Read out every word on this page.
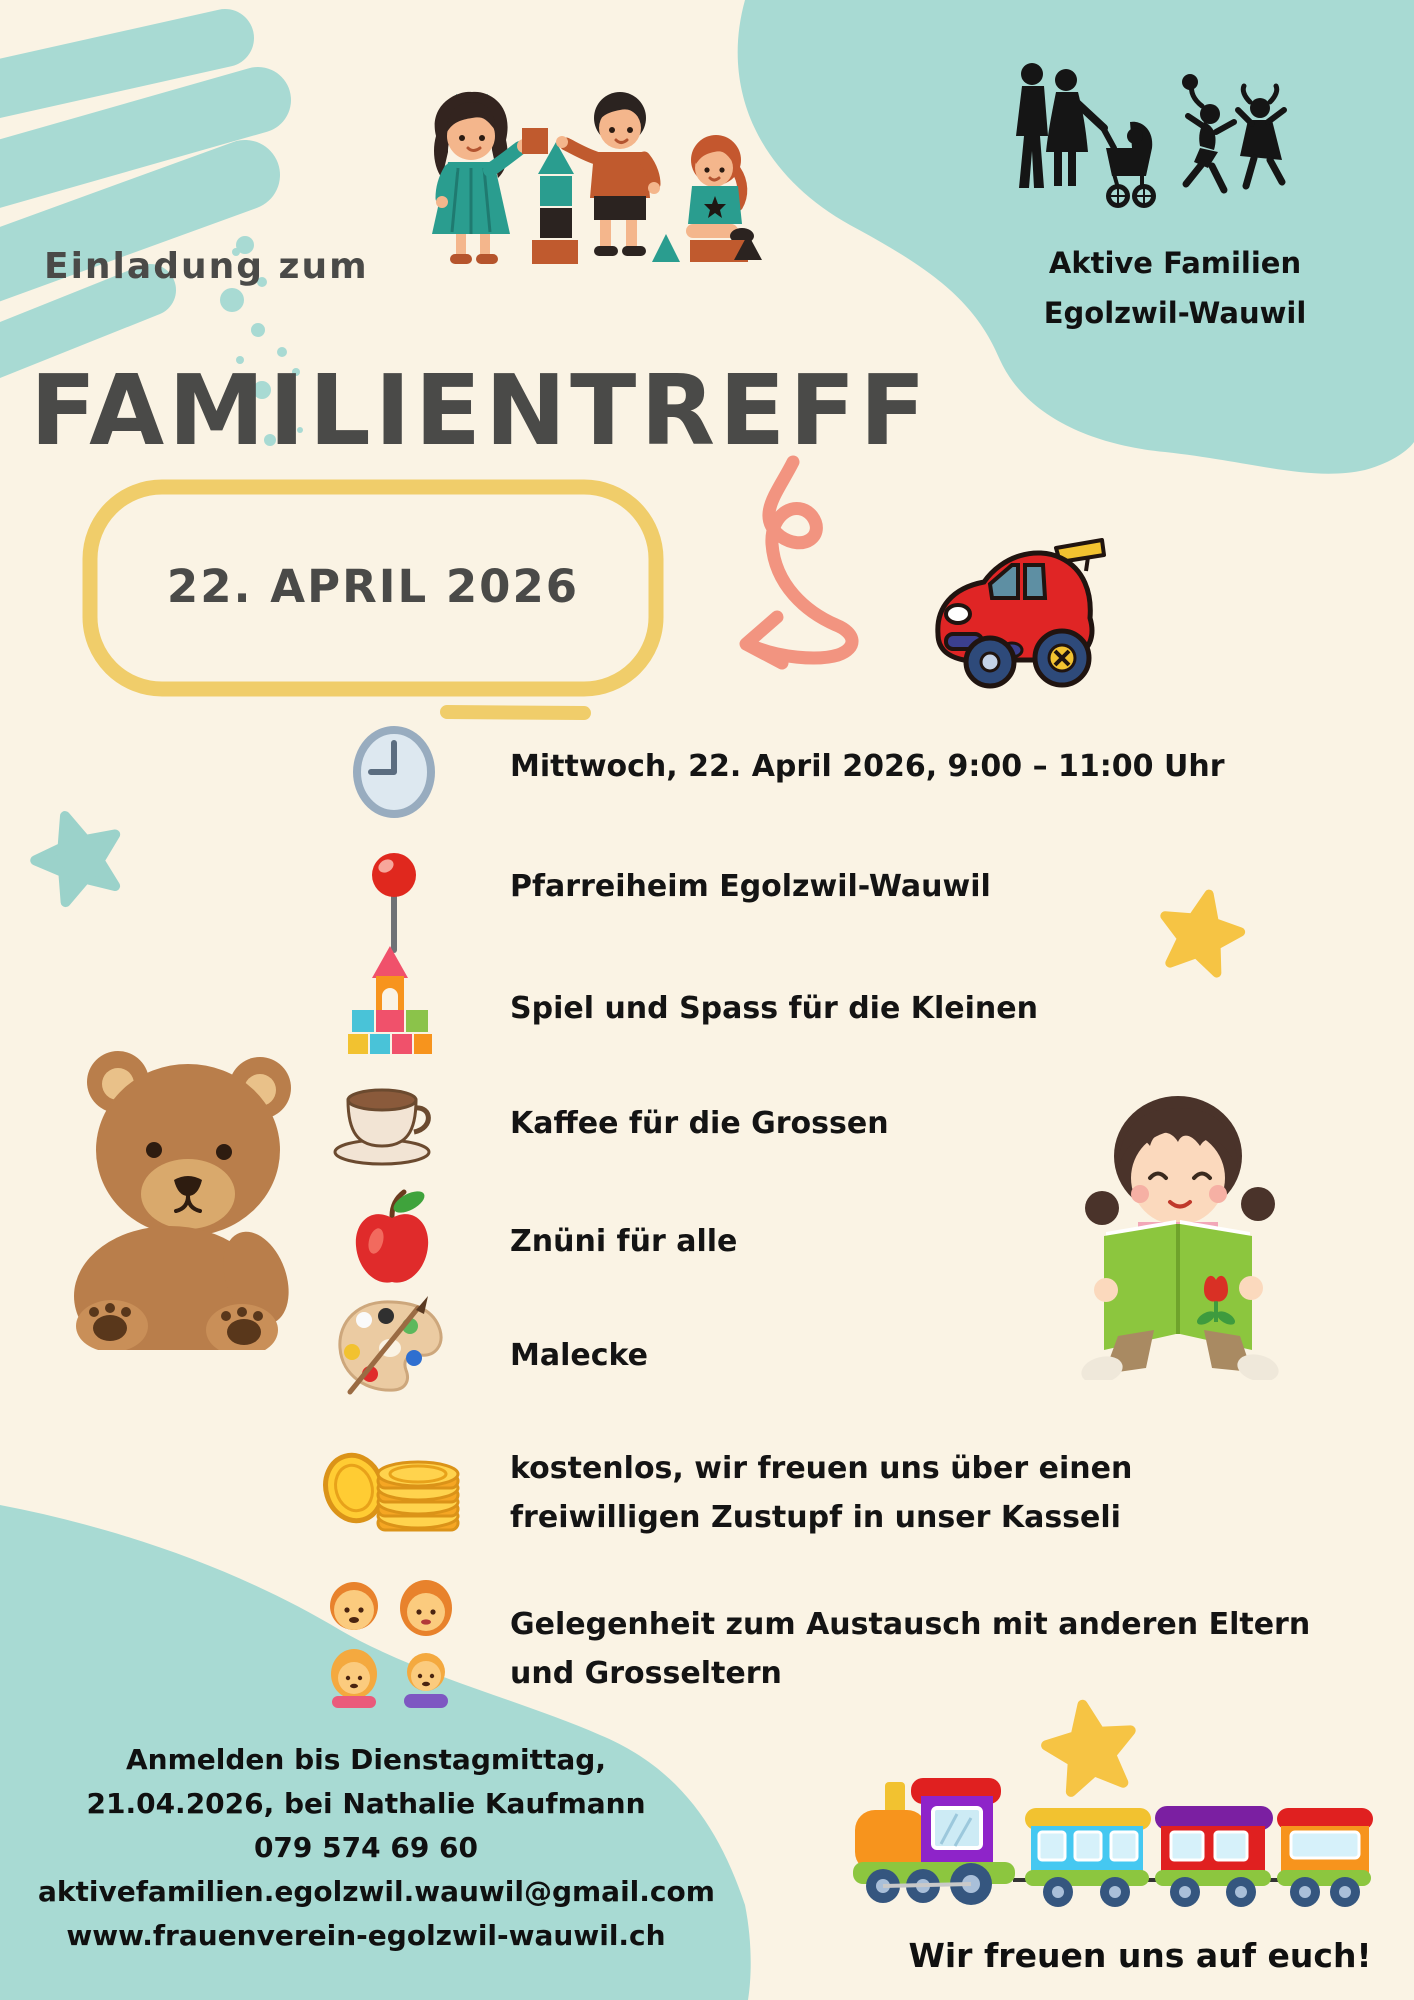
Einladung zum
FAMILIENTREFF
22. APRIL 2026
Aktive Familien
Egolzwil-Wauwil
Mittwoch, 22. April 2026, 9:00 – 11:00 Uhr
Pfarreiheim Egolzwil-Wauwil
Spiel und Spass für die Kleinen
Kaffee für die Grossen
Znüni für alle
Malecke
kostenlos, wir freuen uns über einen
freiwilligen Zustupf in unser Kasseli
Gelegenheit zum Austausch mit anderen Eltern
und Grosseltern
Anmelden bis Dienstagmittag,
21.04.2026, bei Nathalie Kaufmann
079 574 69 60
aktivefamilien.egolzwil.wauwil@gmail.com
www.frauenverein-egolzwil-wauwil.ch
Wir freuen uns auf euch!
